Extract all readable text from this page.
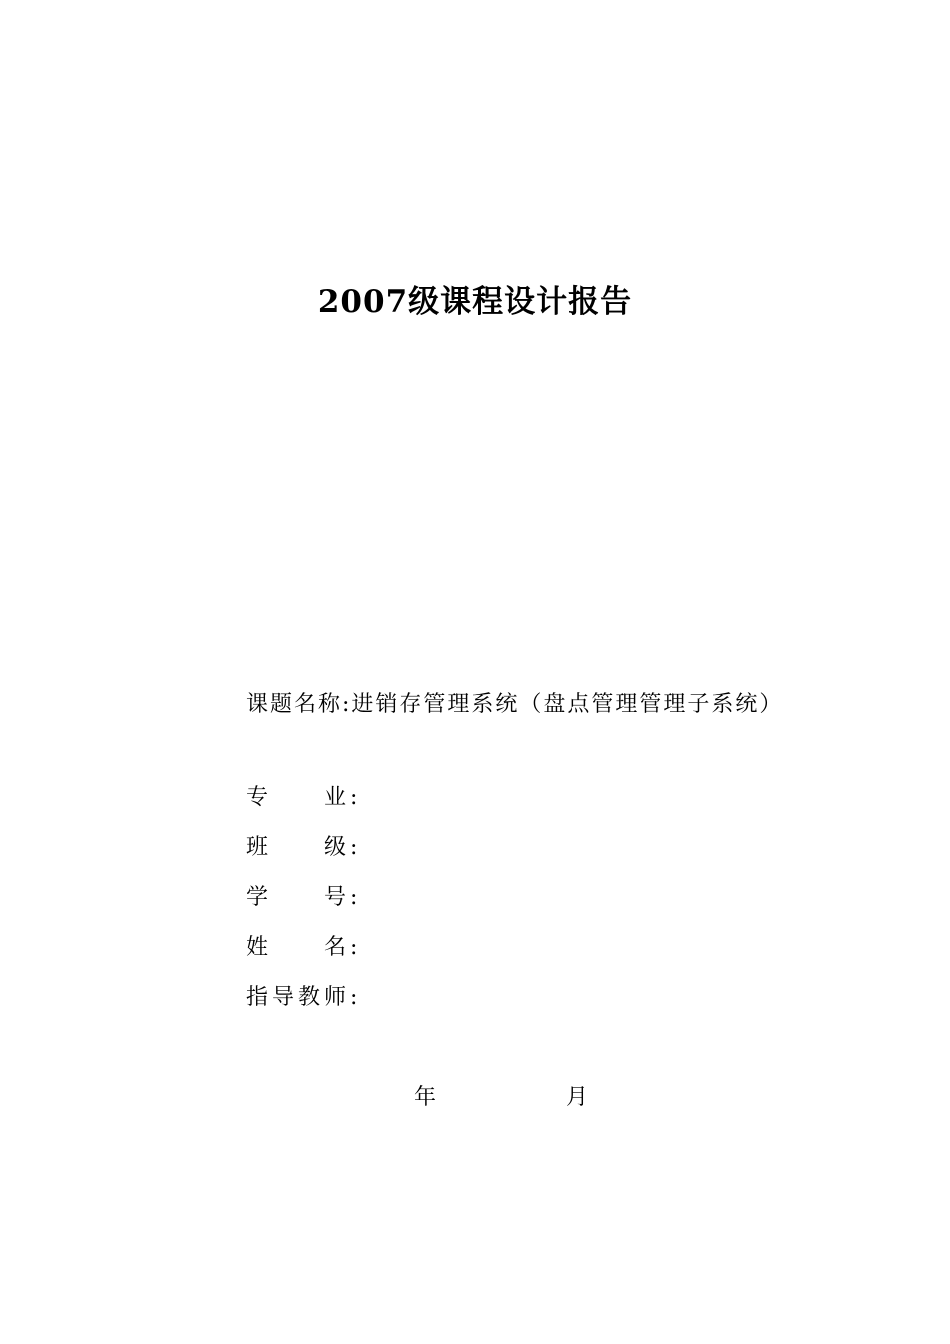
2007级课程设计报告
课题名称:进销存管理系统（盘点管理管理子系统）
专业 :
班级 :
学号 :
姓名 :
指导教师 :
年	月
